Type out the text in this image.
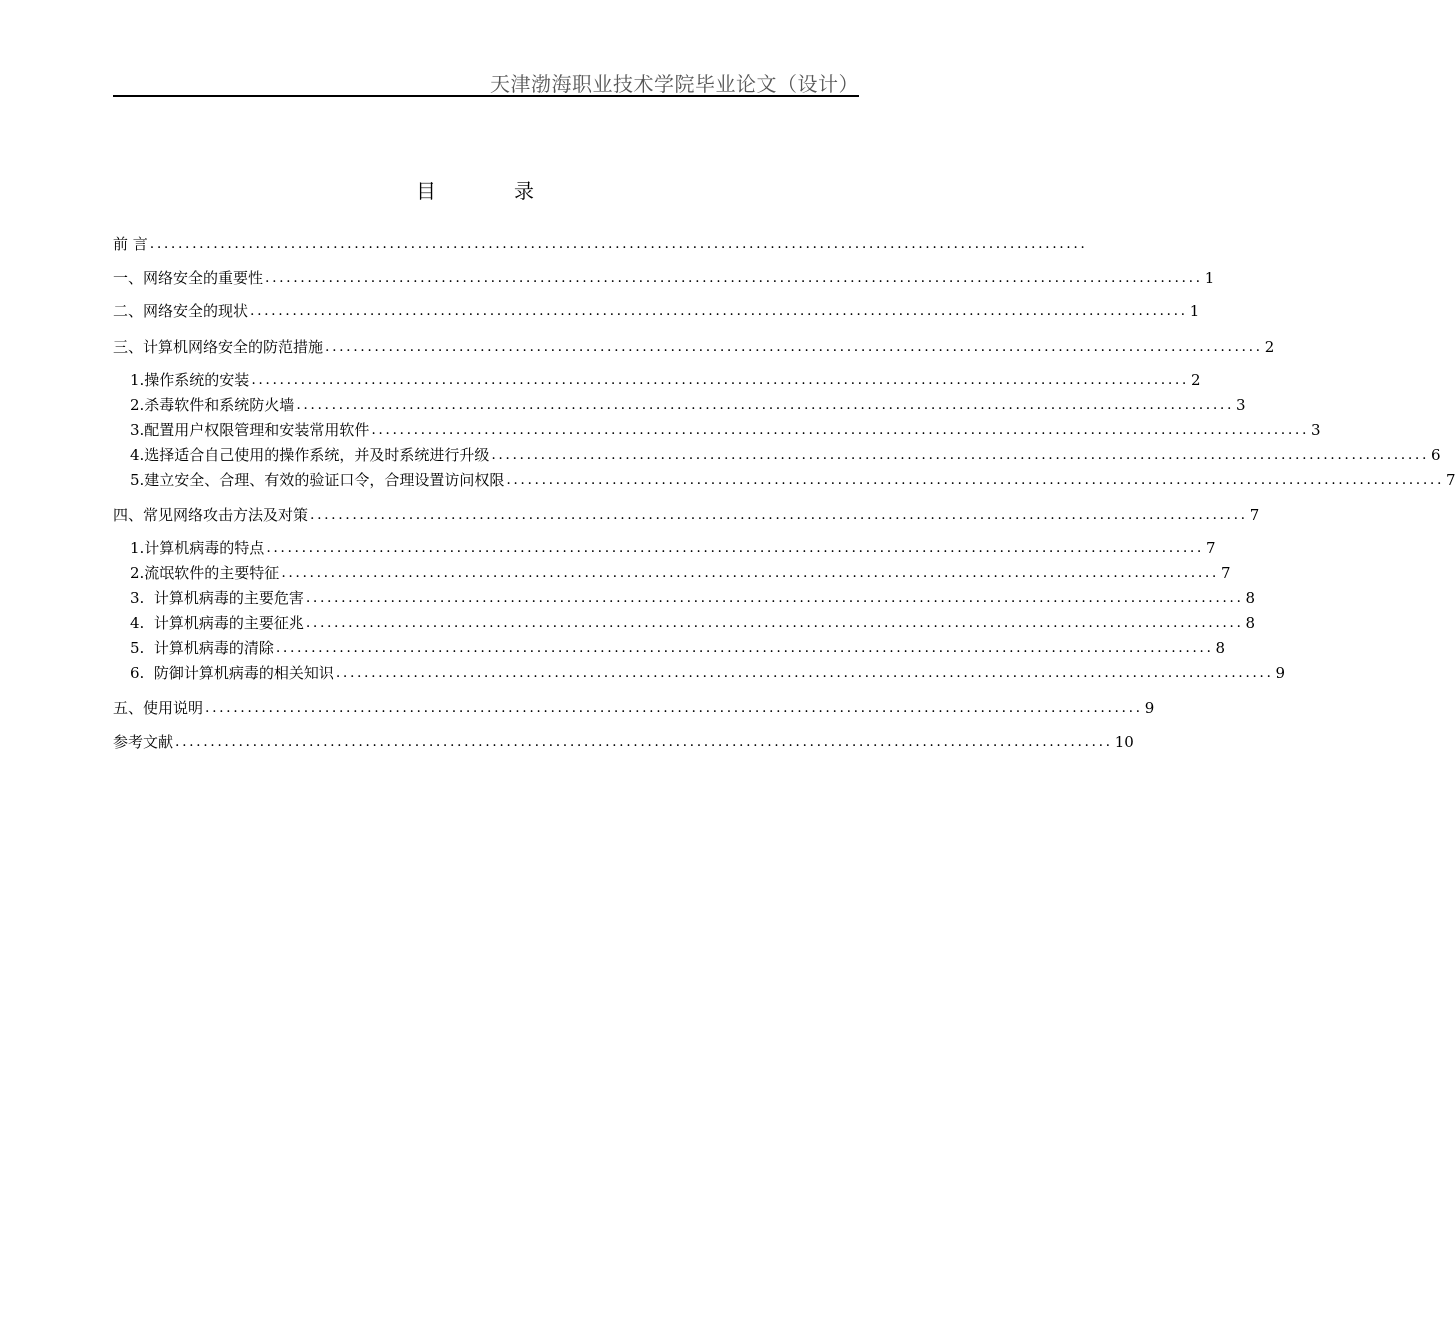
天津渤海职业技术学院毕业论文（设计）
目	录
前 言 .....................................................................................................................................
一、网络安全的重要性 ..................................................................................................................................... 1
二、网络安全的现状 ..................................................................................................................................... 1
三、计算机网络安全的防范措施 ..................................................................................................................................... 2
1.操作系统的安装 ..................................................................................................................................... 2
2.杀毒软件和系统防火墙 ..................................................................................................................................... 3
3.配置用户权限管理和安装常用软件 ..................................................................................................................................... 3
4.选择适合自己使用的操作系统，并及时系统进行升级 ..................................................................................................................................... 6
5.建立安全、合理、有效的验证口令，合理设置访问权限 ..................................................................................................................................... 7
四、常见网络攻击方法及对策 ..................................................................................................................................... 7
1.计算机病毒的特点 ..................................................................................................................................... 7
2.流氓软件的主要特征 ..................................................................................................................................... 7
3.  计算机病毒的主要危害 ..................................................................................................................................... 8
4.  计算机病毒的主要征兆 ..................................................................................................................................... 8
5.  计算机病毒的清除 ..................................................................................................................................... 8
6.  防御计算机病毒的相关知识 ..................................................................................................................................... 9
五、使用说明 ..................................................................................................................................... 9
参考文献 ..................................................................................................................................... 10
